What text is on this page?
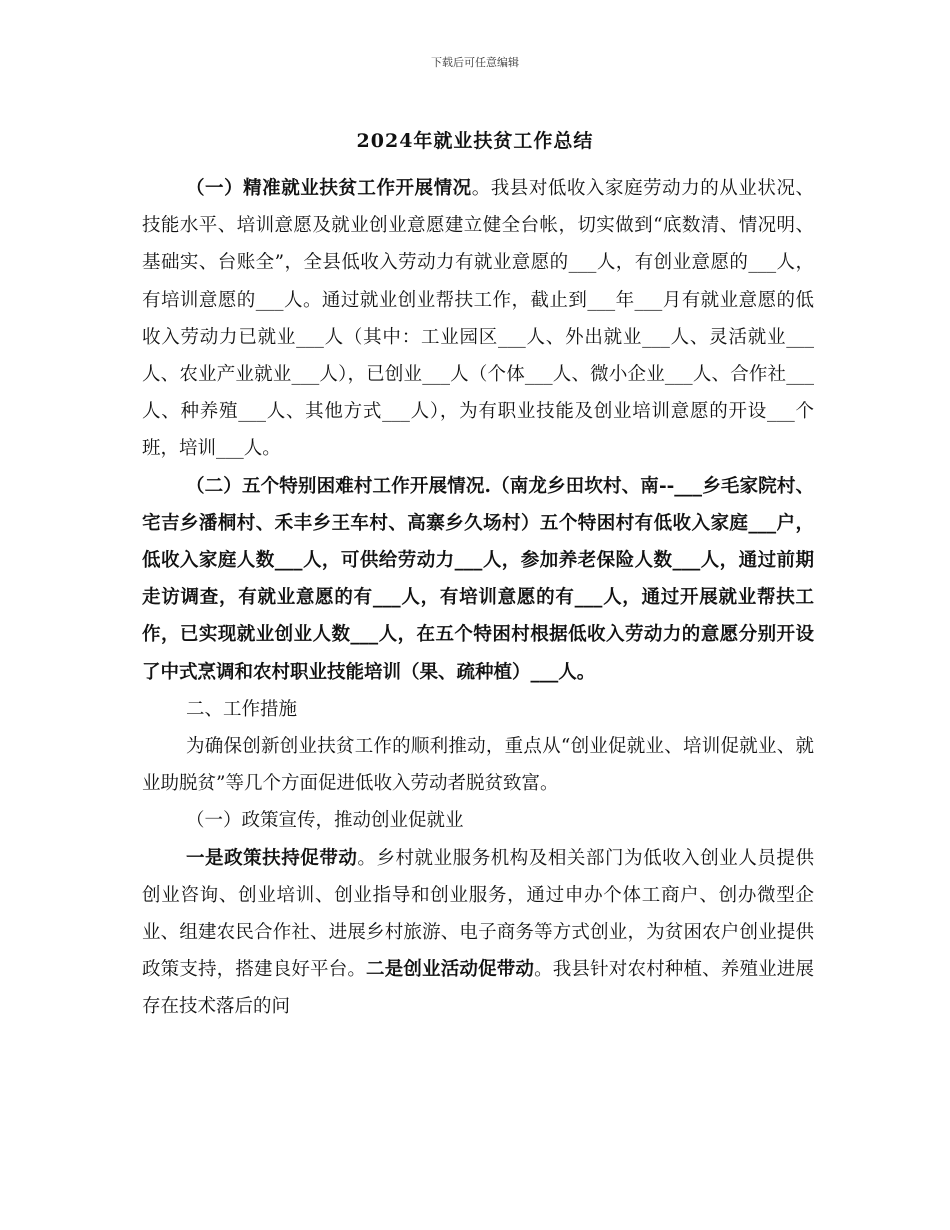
下载后可任意编辑
2024年就业扶贫工作总结

（一）精准就业扶贫工作开展情况。我县对低收入家庭劳动力的从业状况、技能水平、培训意愿及就业创业意愿建立健全台帐，切实做到“底数清、情况明、基础实、台账全”，全县低收入劳动力有就业意愿的___人，有创业意愿的___人，有培训意愿的___人。通过就业创业帮扶工作，截止到___年___月有就业意愿的低收入劳动力已就业___人（其中：工业园区___人、外出就业___人、灵活就业___人、农业产业就业___人），已创业___人（个体___人、微小企业___人、合作社___人、种养殖___人、其他方式___人），为有职业技能及创业培训意愿的开设___个班，培训___人。

（二）五个特别困难村工作开展情况.（南龙乡田坎村、南--___乡毛家院村、宅吉乡潘桐村、禾丰乡王车村、高寨乡久场村）五个特困村有低收入家庭___户，低收入家庭人数___人，可供给劳动力___人，参加养老保险人数___人，通过前期走访调查，有就业意愿的有___人，有培训意愿的有___人，通过开展就业帮扶工作，已实现就业创业人数___人，在五个特困村根据低收入劳动力的意愿分别开设了中式烹调和农村职业技能培训（果、疏种植）___人。

二、工作措施

为确保创新创业扶贫工作的顺利推动，重点从“创业促就业、培训促就业、就业助脱贫”等几个方面促进低收入劳动者脱贫致富。

（一）政策宣传，推动创业促就业

一是政策扶持促带动。乡村就业服务机构及相关部门为低收入创业人员提供创业咨询、创业培训、创业指导和创业服务，通过申办个体工商户、创办微型企业、组建农民合作社、进展乡村旅游、电子商务等方式创业，为贫困农户创业提供政策支持，搭建良好平台。二是创业活动促带动。我县针对农村种植、养殖业进展存在技术落后的问
